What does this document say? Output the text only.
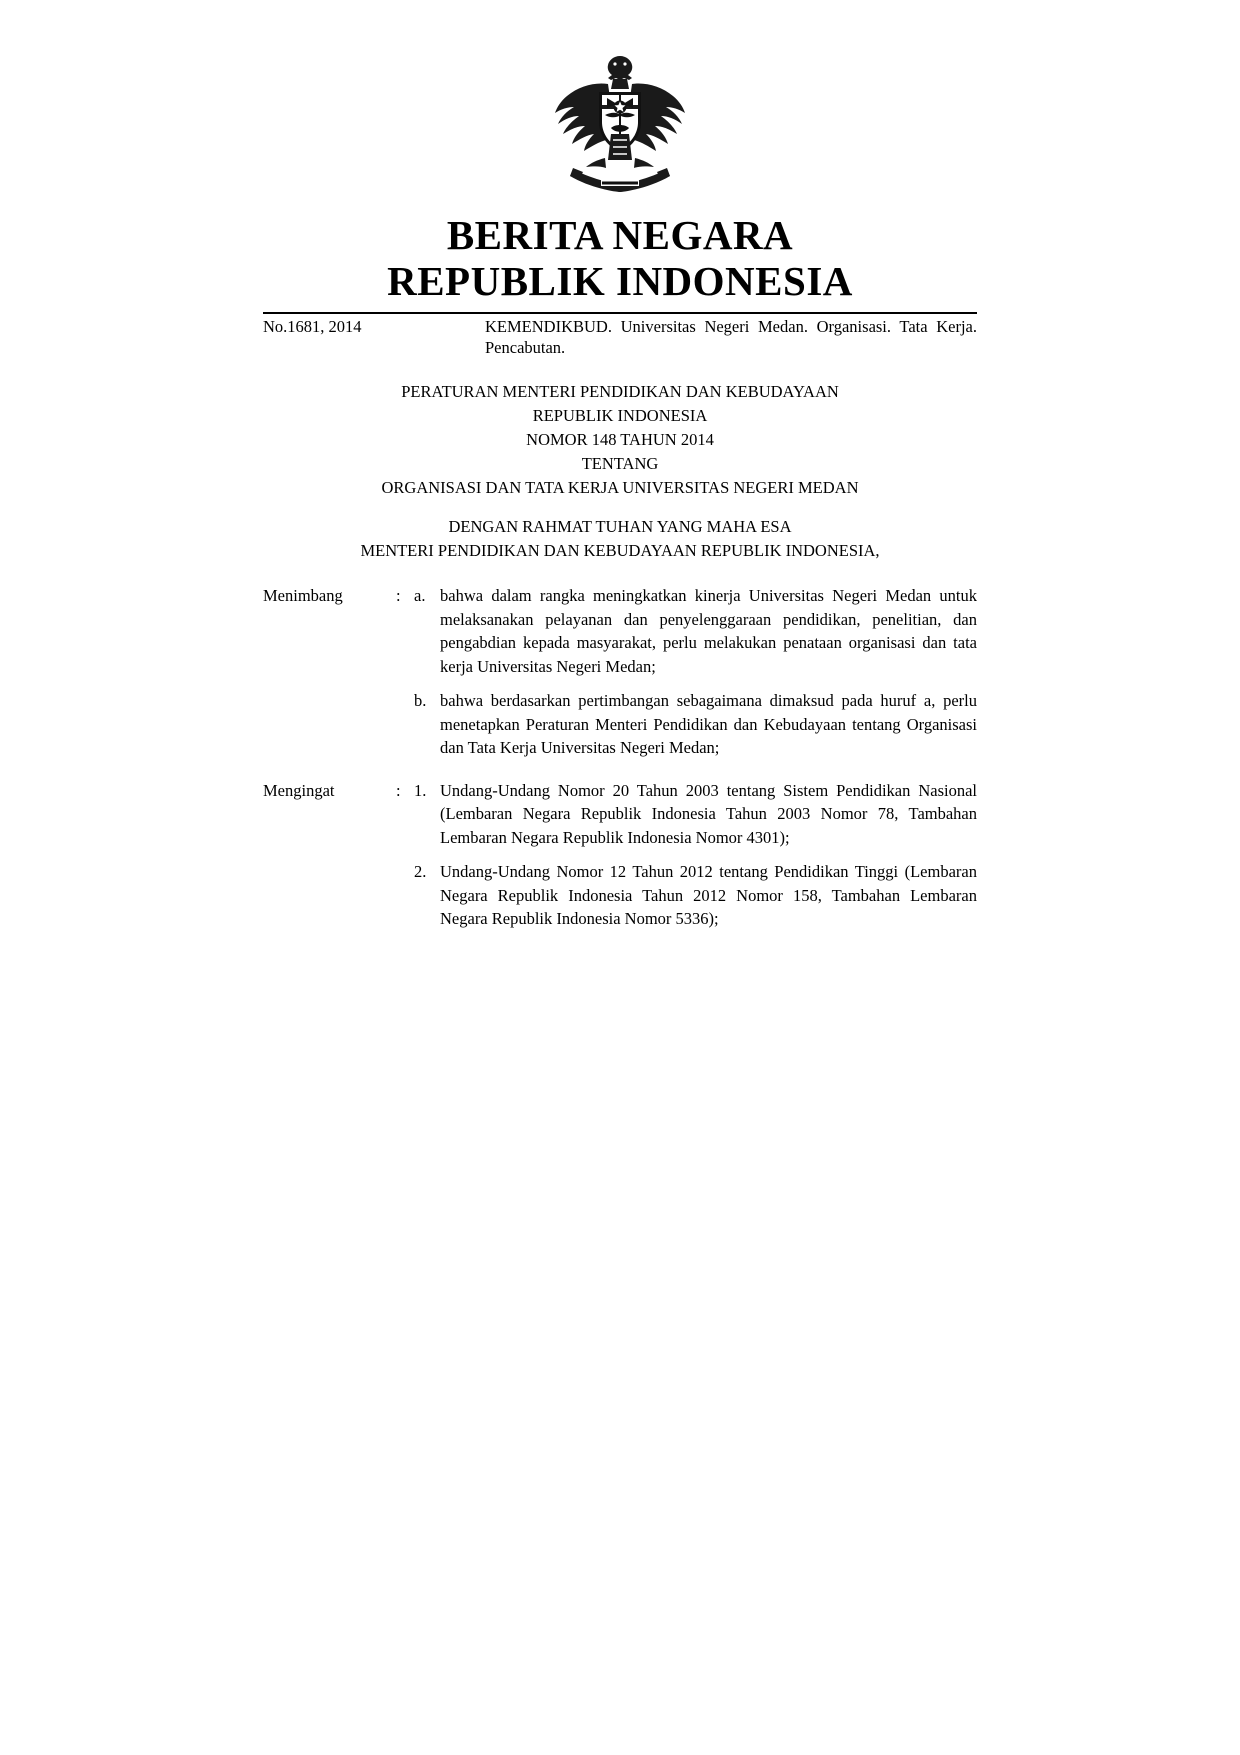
BERITA NEGARA
REPUBLIK INDONESIA
No.1681, 2014	KEMENDIKBUD. Universitas Negeri Medan. Organisasi. Tata Kerja. Pencabutan.
PERATURAN MENTERI PENDIDIKAN DAN KEBUDAYAAN
REPUBLIK INDONESIA
NOMOR 148 TAHUN 2014
TENTANG
ORGANISASI DAN TATA KERJA UNIVERSITAS NEGERI MEDAN
DENGAN RAHMAT TUHAN YANG MAHA ESA
MENTERI PENDIDIKAN DAN KEBUDAYAAN REPUBLIK INDONESIA,
Menimbang	: a. bahwa dalam rangka meningkatkan kinerja Universitas Negeri Medan untuk melaksanakan pelayanan dan penyelenggaraan pendidikan, penelitian, dan pengabdian kepada masyarakat, perlu melakukan penataan organisasi dan tata kerja Universitas Negeri Medan;
b. bahwa berdasarkan pertimbangan sebagaimana dimaksud pada huruf a, perlu menetapkan Peraturan Menteri Pendidikan dan Kebudayaan tentang Organisasi dan Tata Kerja Universitas Negeri Medan;
Mengingat	: 1. Undang-Undang Nomor 20 Tahun 2003 tentang Sistem Pendidikan Nasional (Lembaran Negara Republik Indonesia Tahun 2003 Nomor 78, Tambahan Lembaran Negara Republik Indonesia Nomor 4301);
2. Undang-Undang Nomor 12 Tahun 2012 tentang Pendidikan Tinggi (Lembaran Negara Republik Indonesia Tahun 2012 Nomor 158, Tambahan Lembaran Negara Republik Indonesia Nomor 5336);
